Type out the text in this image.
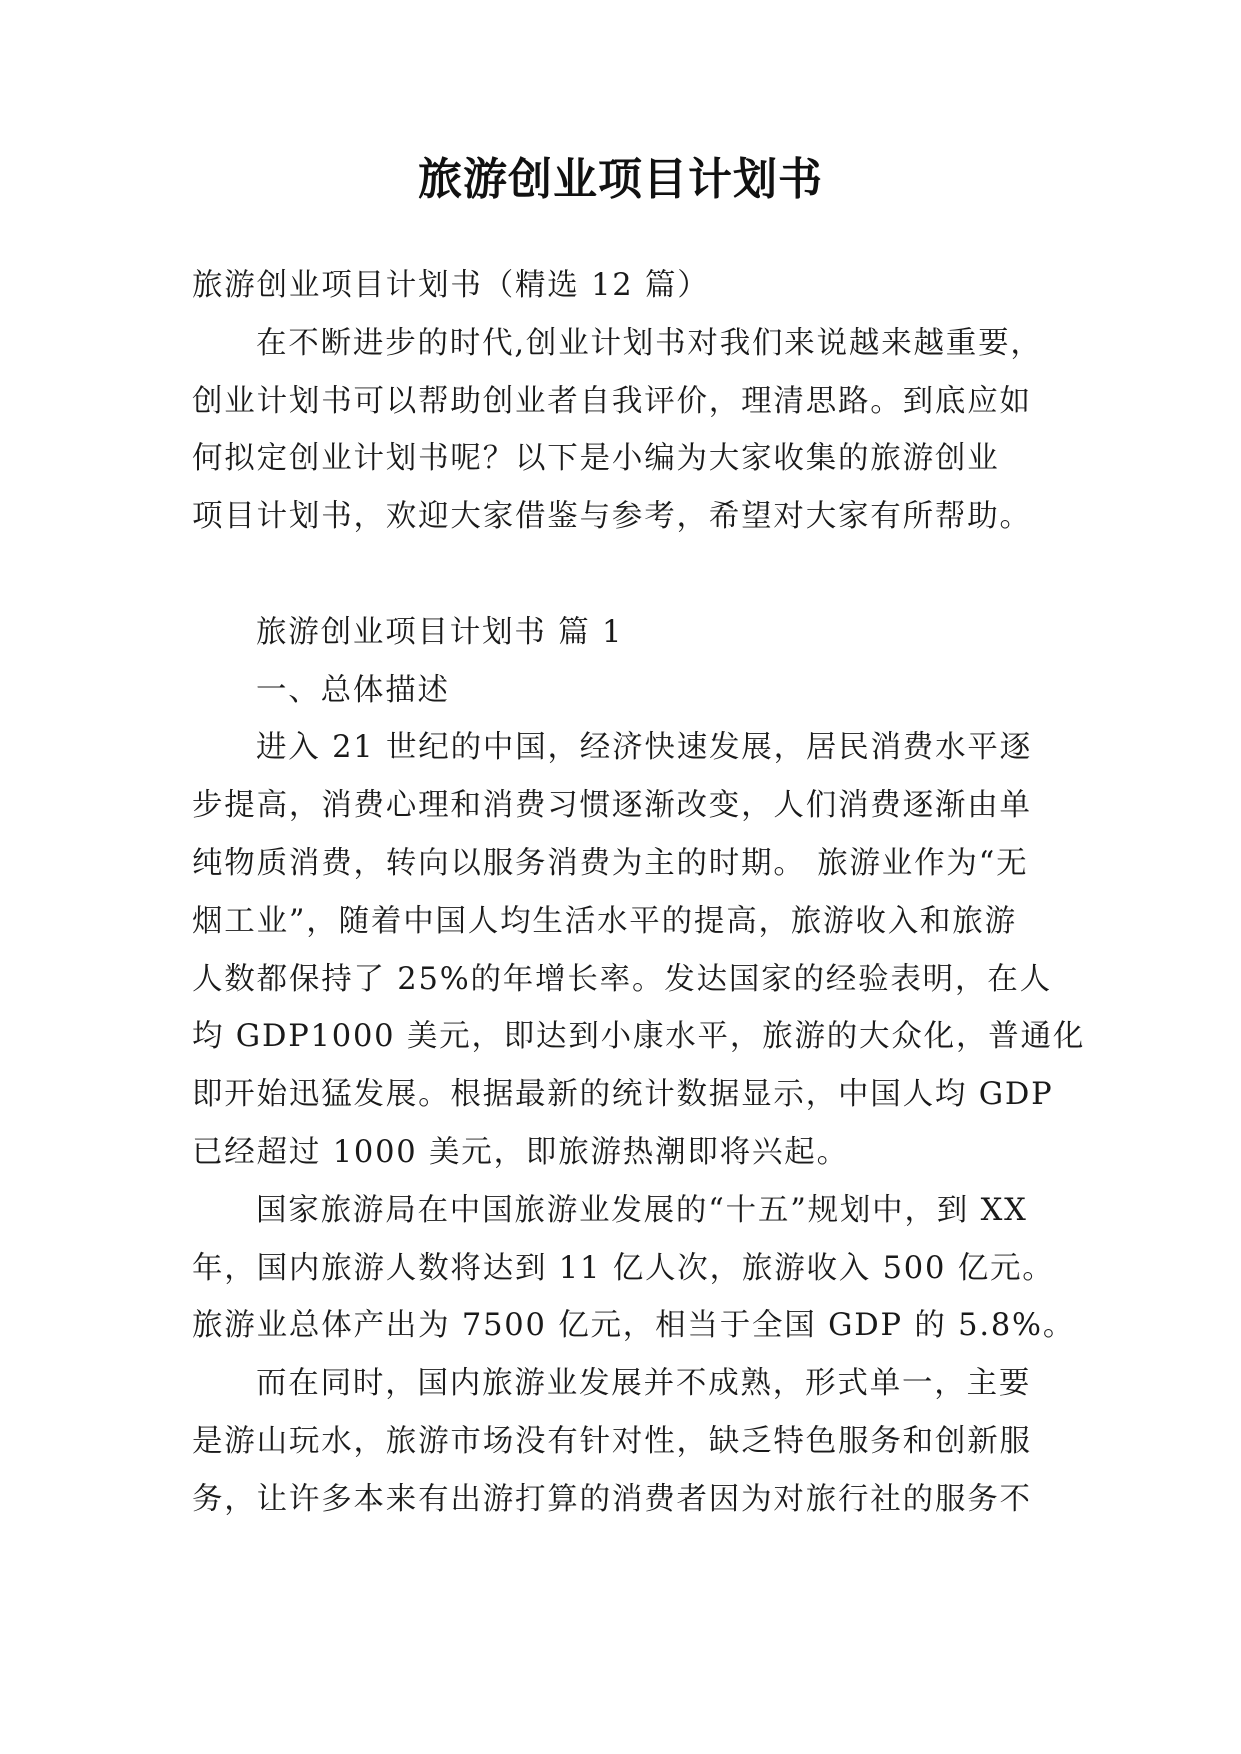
旅游创业项目计划书
旅游创业项目计划书（精选 12 篇）
在不断进步的时代,创业计划书对我们来说越来越重要，
创业计划书可以帮助创业者自我评价，理清思路。到底应如
何拟定创业计划书呢？以下是小编为大家收集的旅游创业
项目计划书，欢迎大家借鉴与参考，希望对大家有所帮助。
旅游创业项目计划书 篇 1
一、总体描述
进入 21 世纪的中国，经济快速发展，居民消费水平逐
步提高，消费心理和消费习惯逐渐改变，人们消费逐渐由单
纯物质消费，转向以服务消费为主的时期。 旅游业作为“无
烟工业”，随着中国人均生活水平的提高，旅游收入和旅游
人数都保持了 25%的年增长率。发达国家的经验表明，在人
均 GDP1000 美元，即达到小康水平，旅游的大众化，普通化
即开始迅猛发展。根据最新的统计数据显示，中国人均 GDP
已经超过 1000 美元，即旅游热潮即将兴起。
国家旅游局在中国旅游业发展的“十五”规划中，到 XX
年，国内旅游人数将达到 11 亿人次，旅游收入 500 亿元。
旅游业总体产出为 7500 亿元，相当于全国 GDP 的 5.8%。
而在同时，国内旅游业发展并不成熟，形式单一，主要
是游山玩水，旅游市场没有针对性，缺乏特色服务和创新服
务，让许多本来有出游打算的消费者因为对旅行社的服务不
